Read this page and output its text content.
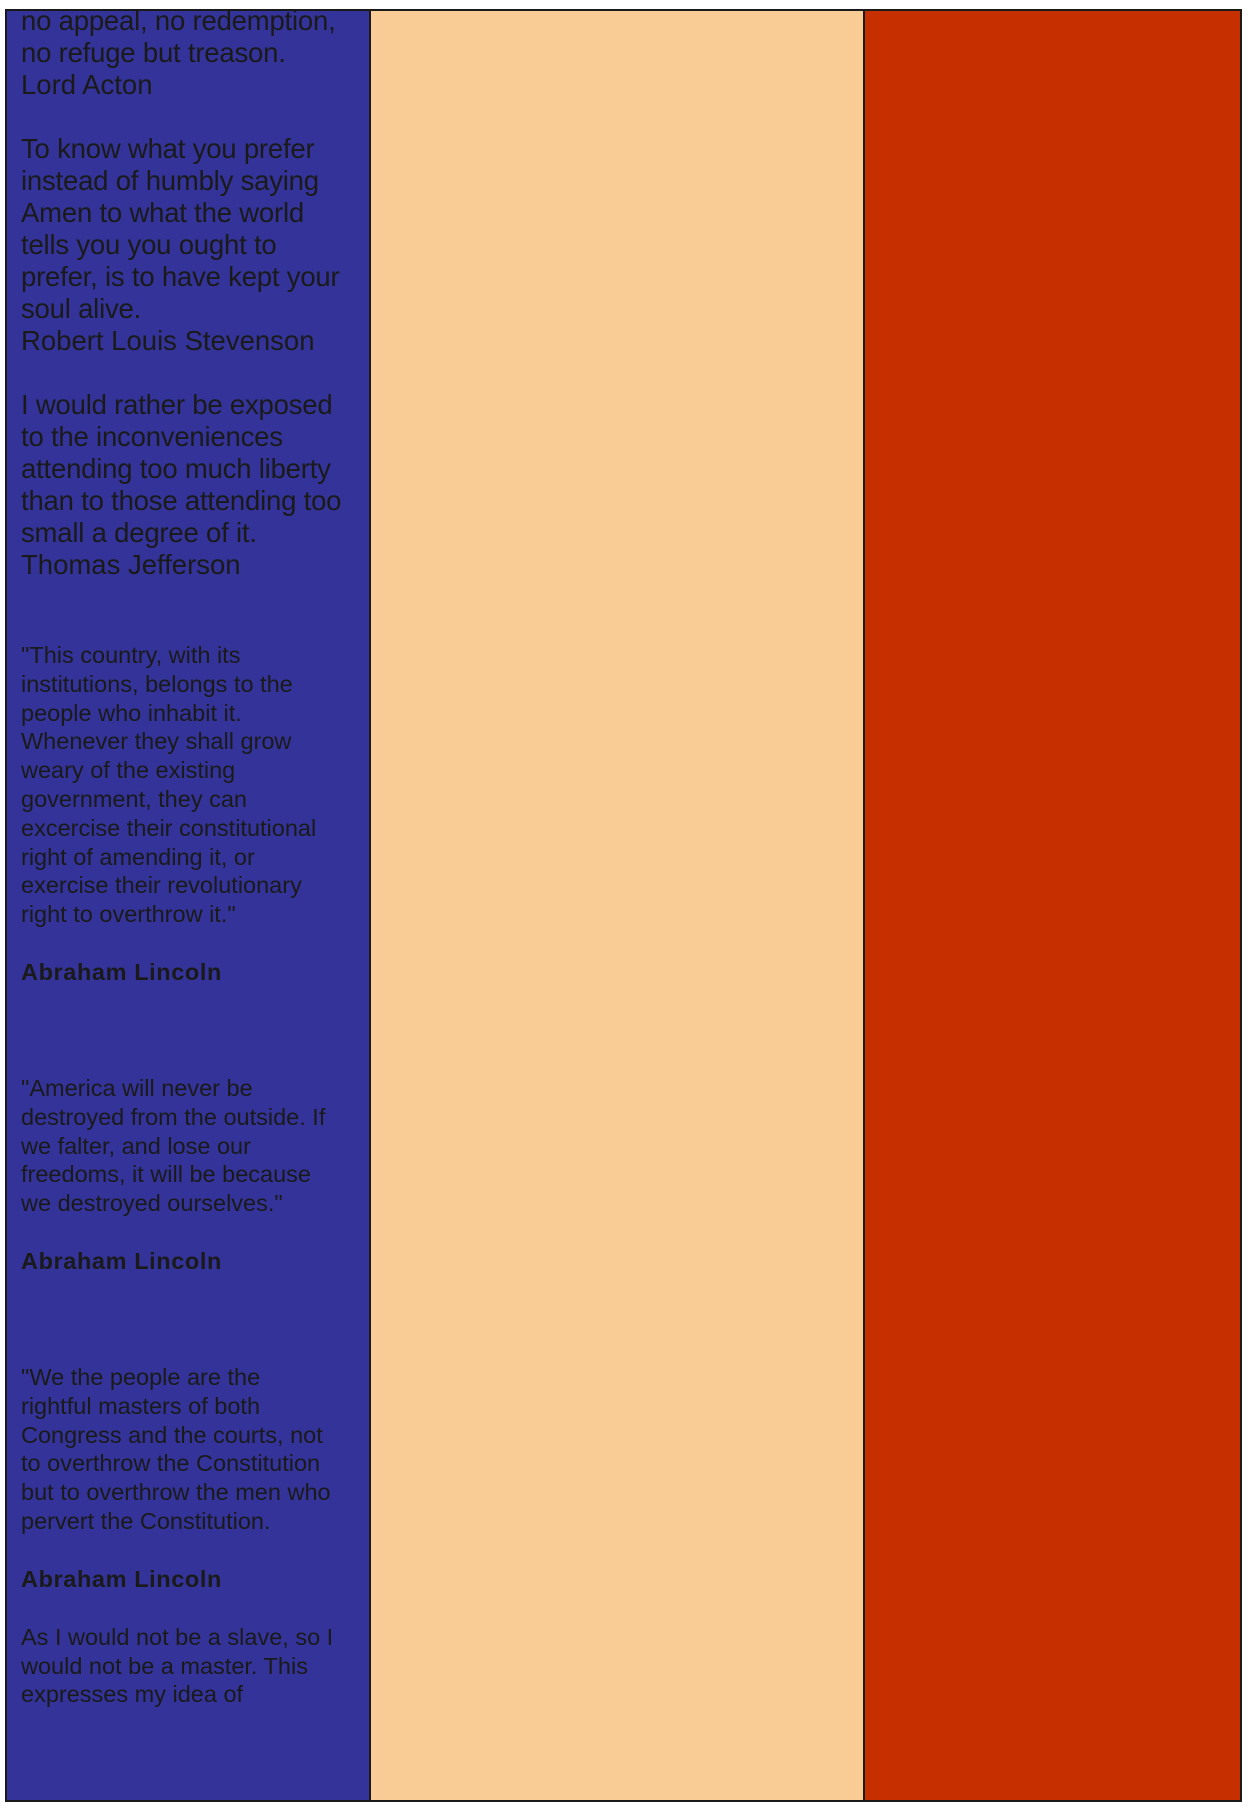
no appeal, no redemption,
no refuge but treason.

Lord Acton

To know what you prefer
instead of humbly saying
Amen to what the world
tells you you ought to
prefer, is to have kept your
soul alive.

Robert Louis Stevenson

I would rather be exposed
to the inconveniences
attending too much liberty
than to those attending too
small a degree of it.

Thomas Jefferson

"This country, with its
institutions, belongs to the
people who inhabit it.
Whenever they shall grow
weary of the existing
government, they can
excercise their constitutional
right of amending it, or
exercise their revolutionary
right to overthrow it."

Abraham Lincoln

"America will never be
destroyed from the outside. If
we falter, and lose our
freedoms, it will be because
we destroyed ourselves."

Abraham Lincoln

"We the people are the
rightful masters of both
Congress and the courts, not
to overthrow the Constitution
but to overthrow the men who
pervert the Constitution.

Abraham Lincoln

As I would not be a slave, so I
would not be a master. This
expresses my idea of
